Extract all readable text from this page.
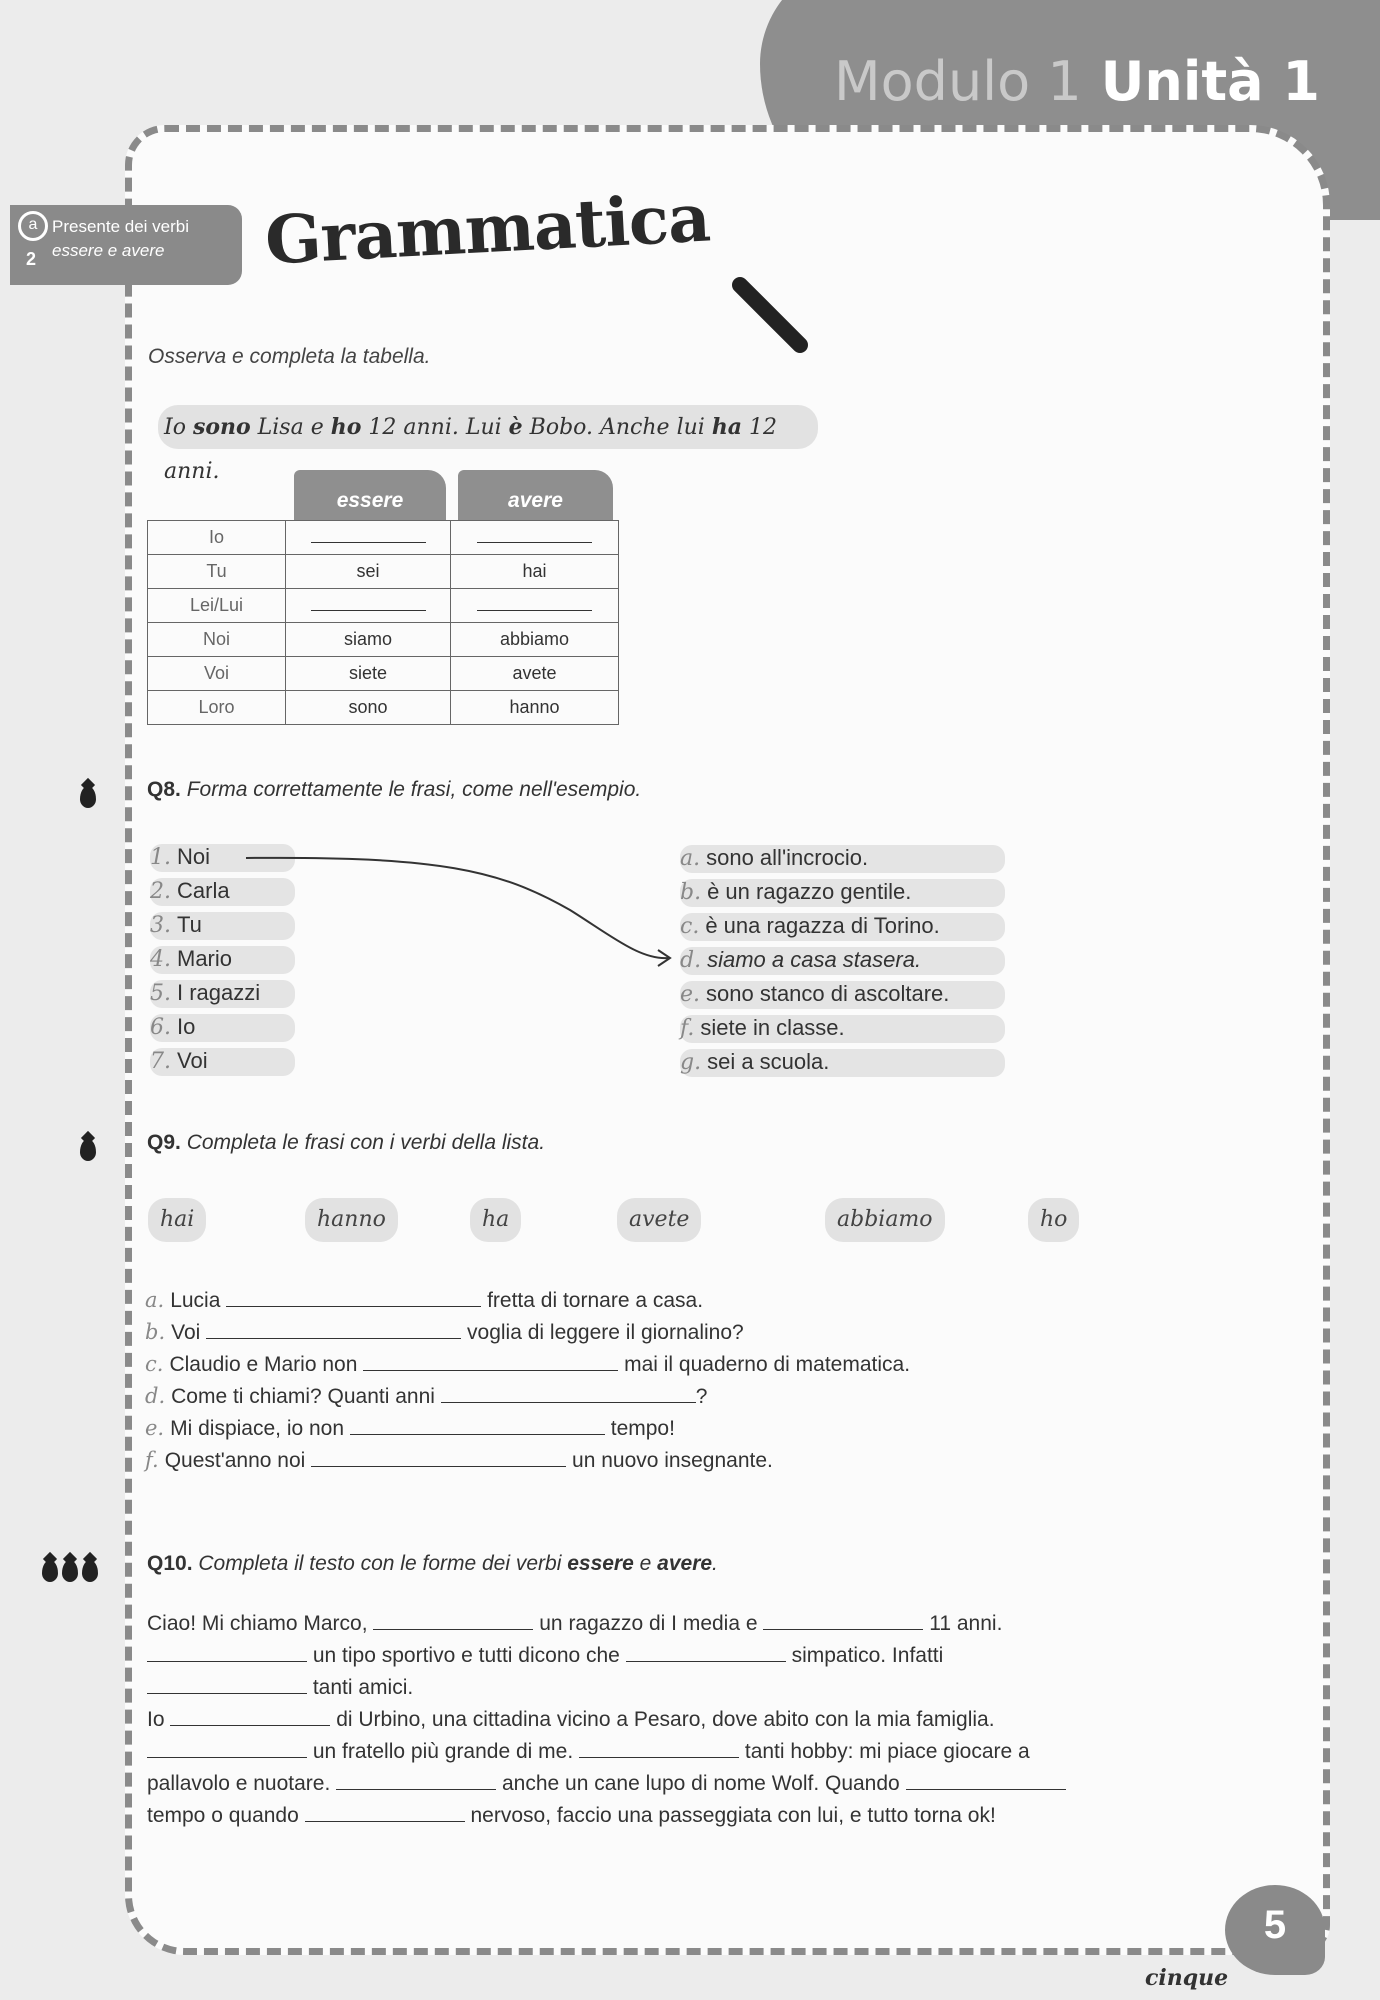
Modulo 1 Unità 1
a
2
Presente dei verbi
essere e avere Grammatica
Osserva e completa la tabella.
Io sono Lisa e ho 12 anni. Lui è Bobo. Anche lui ha 12 anni.
essere	avere
Io		
Tu	sei	hai
Lei/Lui		
Noi	siamo	abbiamo
Voi	siete	avete
Loro	sono	hanno
Q8. Forma correttamente le frasi, come nell'esempio.
1. Noi
2. Carla
3. Tu
4. Mario
5. I ragazzi
6. Io
7. Voi
a. sono all'incrocio.
b. è un ragazzo gentile.
c. è una ragazza di Torino.
d. siamo a casa stasera.
e. sono stanco di ascoltare.
f. siete in classe.
g. sei a scuola.
Q9. Completa le frasi con i verbi della lista.
hai	hanno	ha	avete	abbiamo	ho
a. Lucia	fretta di tornare a casa.
b. Voi	voglia di leggere il giornalino?
c. Claudio e Mario non	mai il quaderno di matematica.
d. Come ti chiami? Quanti anni	?
e. Mi dispiace, io non	tempo!
f. Quest'anno noi	un nuovo insegnante.
Q10. Completa il testo con le forme dei verbi essere e avere.
Ciao! Mi chiamo Marco,	un ragazzo di I media e	11 anni.
un tipo sportivo e tutti dicono che	simpatico. Infatti
tanti amici.
Io	di Urbino, una cittadina vicino a Pesaro, dove abito con la mia famiglia.
un fratello più grande di me.	tanti hobby: mi piace giocare a
pallavolo e nuotare.	anche un cane lupo di nome Wolf. Quando
tempo o quando	nervoso, faccio una passeggiata con lui, e tutto torna ok!
5
cinque
